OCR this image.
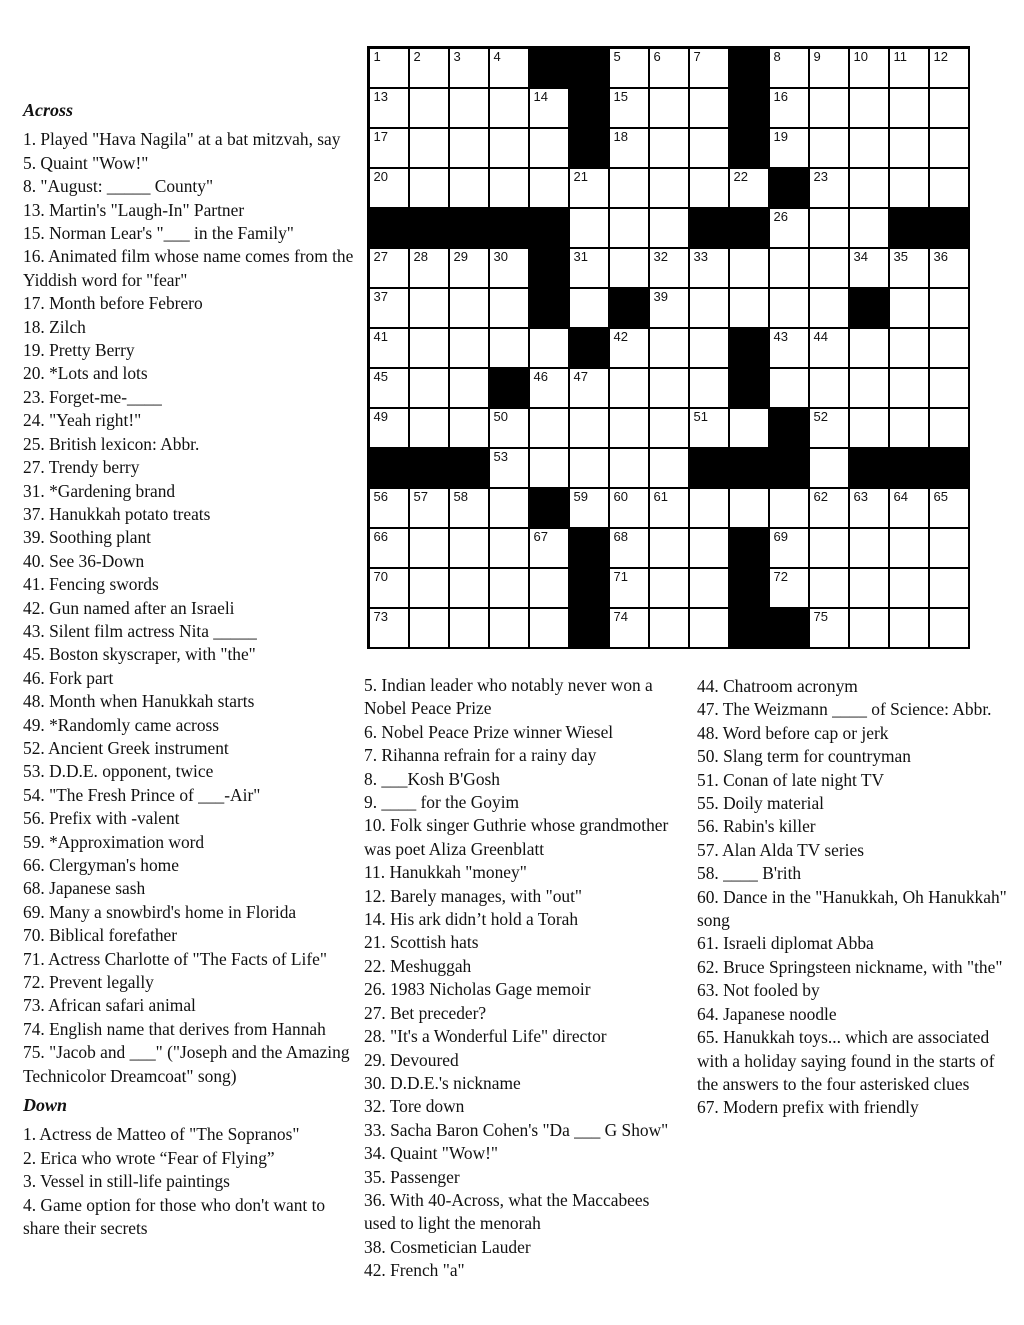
Across

1. Played "Hava Nagila" at a bat mitzvah, say

5. Quaint "Wow!"

8. "August: _____ County"

13. Martin's "Laugh-In" Partner

15. Norman Lear's "___ in the Family"

16. Animated film whose name comes from the Yiddish word for "fear"

17. Month before Febrero

18. Zilch

19. Pretty Berry

20. *Lots and lots

23. Forget-me-____

24. "Yeah right!"

25. British lexicon: Abbr.

27. Trendy berry

31. *Gardening brand

37. Hanukkah potato treats

39. Soothing plant

40. See 36-Down

41. Fencing swords

42. Gun named after an Israeli

43. Silent film actress Nita _____

45. Boston skyscraper, with "the"

46. Fork part

48. Month when Hanukkah starts

49. *Randomly came across

52. Ancient Greek instrument

53. D.D.E. opponent, twice

54. "The Fresh Prince of ___-Air"

56. Prefix with -valent

59. *Approximation word

66. Clergyman's home

68. Japanese sash

69. Many a snowbird's home in Florida

70. Biblical forefather

71. Actress Charlotte of "The Facts of Life"

72. Prevent legally

73. African safari animal

74. English name that derives from Hannah

75. "Jacob and ___" ("Joseph and the Amazing Technicolor Dreamcoat" song)

Down

1. Actress de Matteo of "The Sopranos"

2. Erica who wrote “Fear of Flying”

3. Vessel in still-life paintings

4. Game option for those who don't want to share their secrets

1	2	3	4	5	6	7	8	9	10 11 12
13	14	15	16
17	18	19
20	21	22	23
26
27 28 29 30	31	32 33	34 35 36
37	39
41	42	43 44
45	46 47
49	50	51	52
53
56 57 58	59 60 61	62 63 64 65
66	67	68	69
70	71	72
73	74	75

5. Indian leader who notably never won a Nobel Peace Prize

6. Nobel Peace Prize winner Wiesel

7. Rihanna refrain for a rainy day

8. ___Kosh B'Gosh

9. ____ for the Goyim

10. Folk singer Guthrie whose grandmother was poet Aliza Greenblatt

11. Hanukkah "money"

12. Barely manages, with "out"

14. His ark didn’t hold a Torah

21. Scottish hats

22. Meshuggah

26. 1983 Nicholas Gage memoir

27. Bet preceder?

28. "It's a Wonderful Life" director

29. Devoured

30. D.D.E.'s nickname

32. Tore down

33. Sacha Baron Cohen's "Da ___ G Show"

34. Quaint "Wow!"

35. Passenger

36. With 40-Across, what the Maccabees used to light the menorah

38. Cosmetician Lauder

42. French "a"

44. Chatroom acronym

47. The Weizmann ____ of Science: Abbr.

48. Word before cap or jerk

50. Slang term for countryman

51. Conan of late night TV

55. Doily material

56. Rabin's killer

57. Alan Alda TV series

58. ____ B'rith

60. Dance in the "Hanukkah, Oh Hanukkah" song

61. Israeli diplomat Abba

62. Bruce Springsteen nickname, with "the"

63. Not fooled by

64. Japanese noodle

65. Hanukkah toys... which are associated with a holiday saying found in the starts of the answers to the four asterisked clues

67. Modern prefix with friendly
